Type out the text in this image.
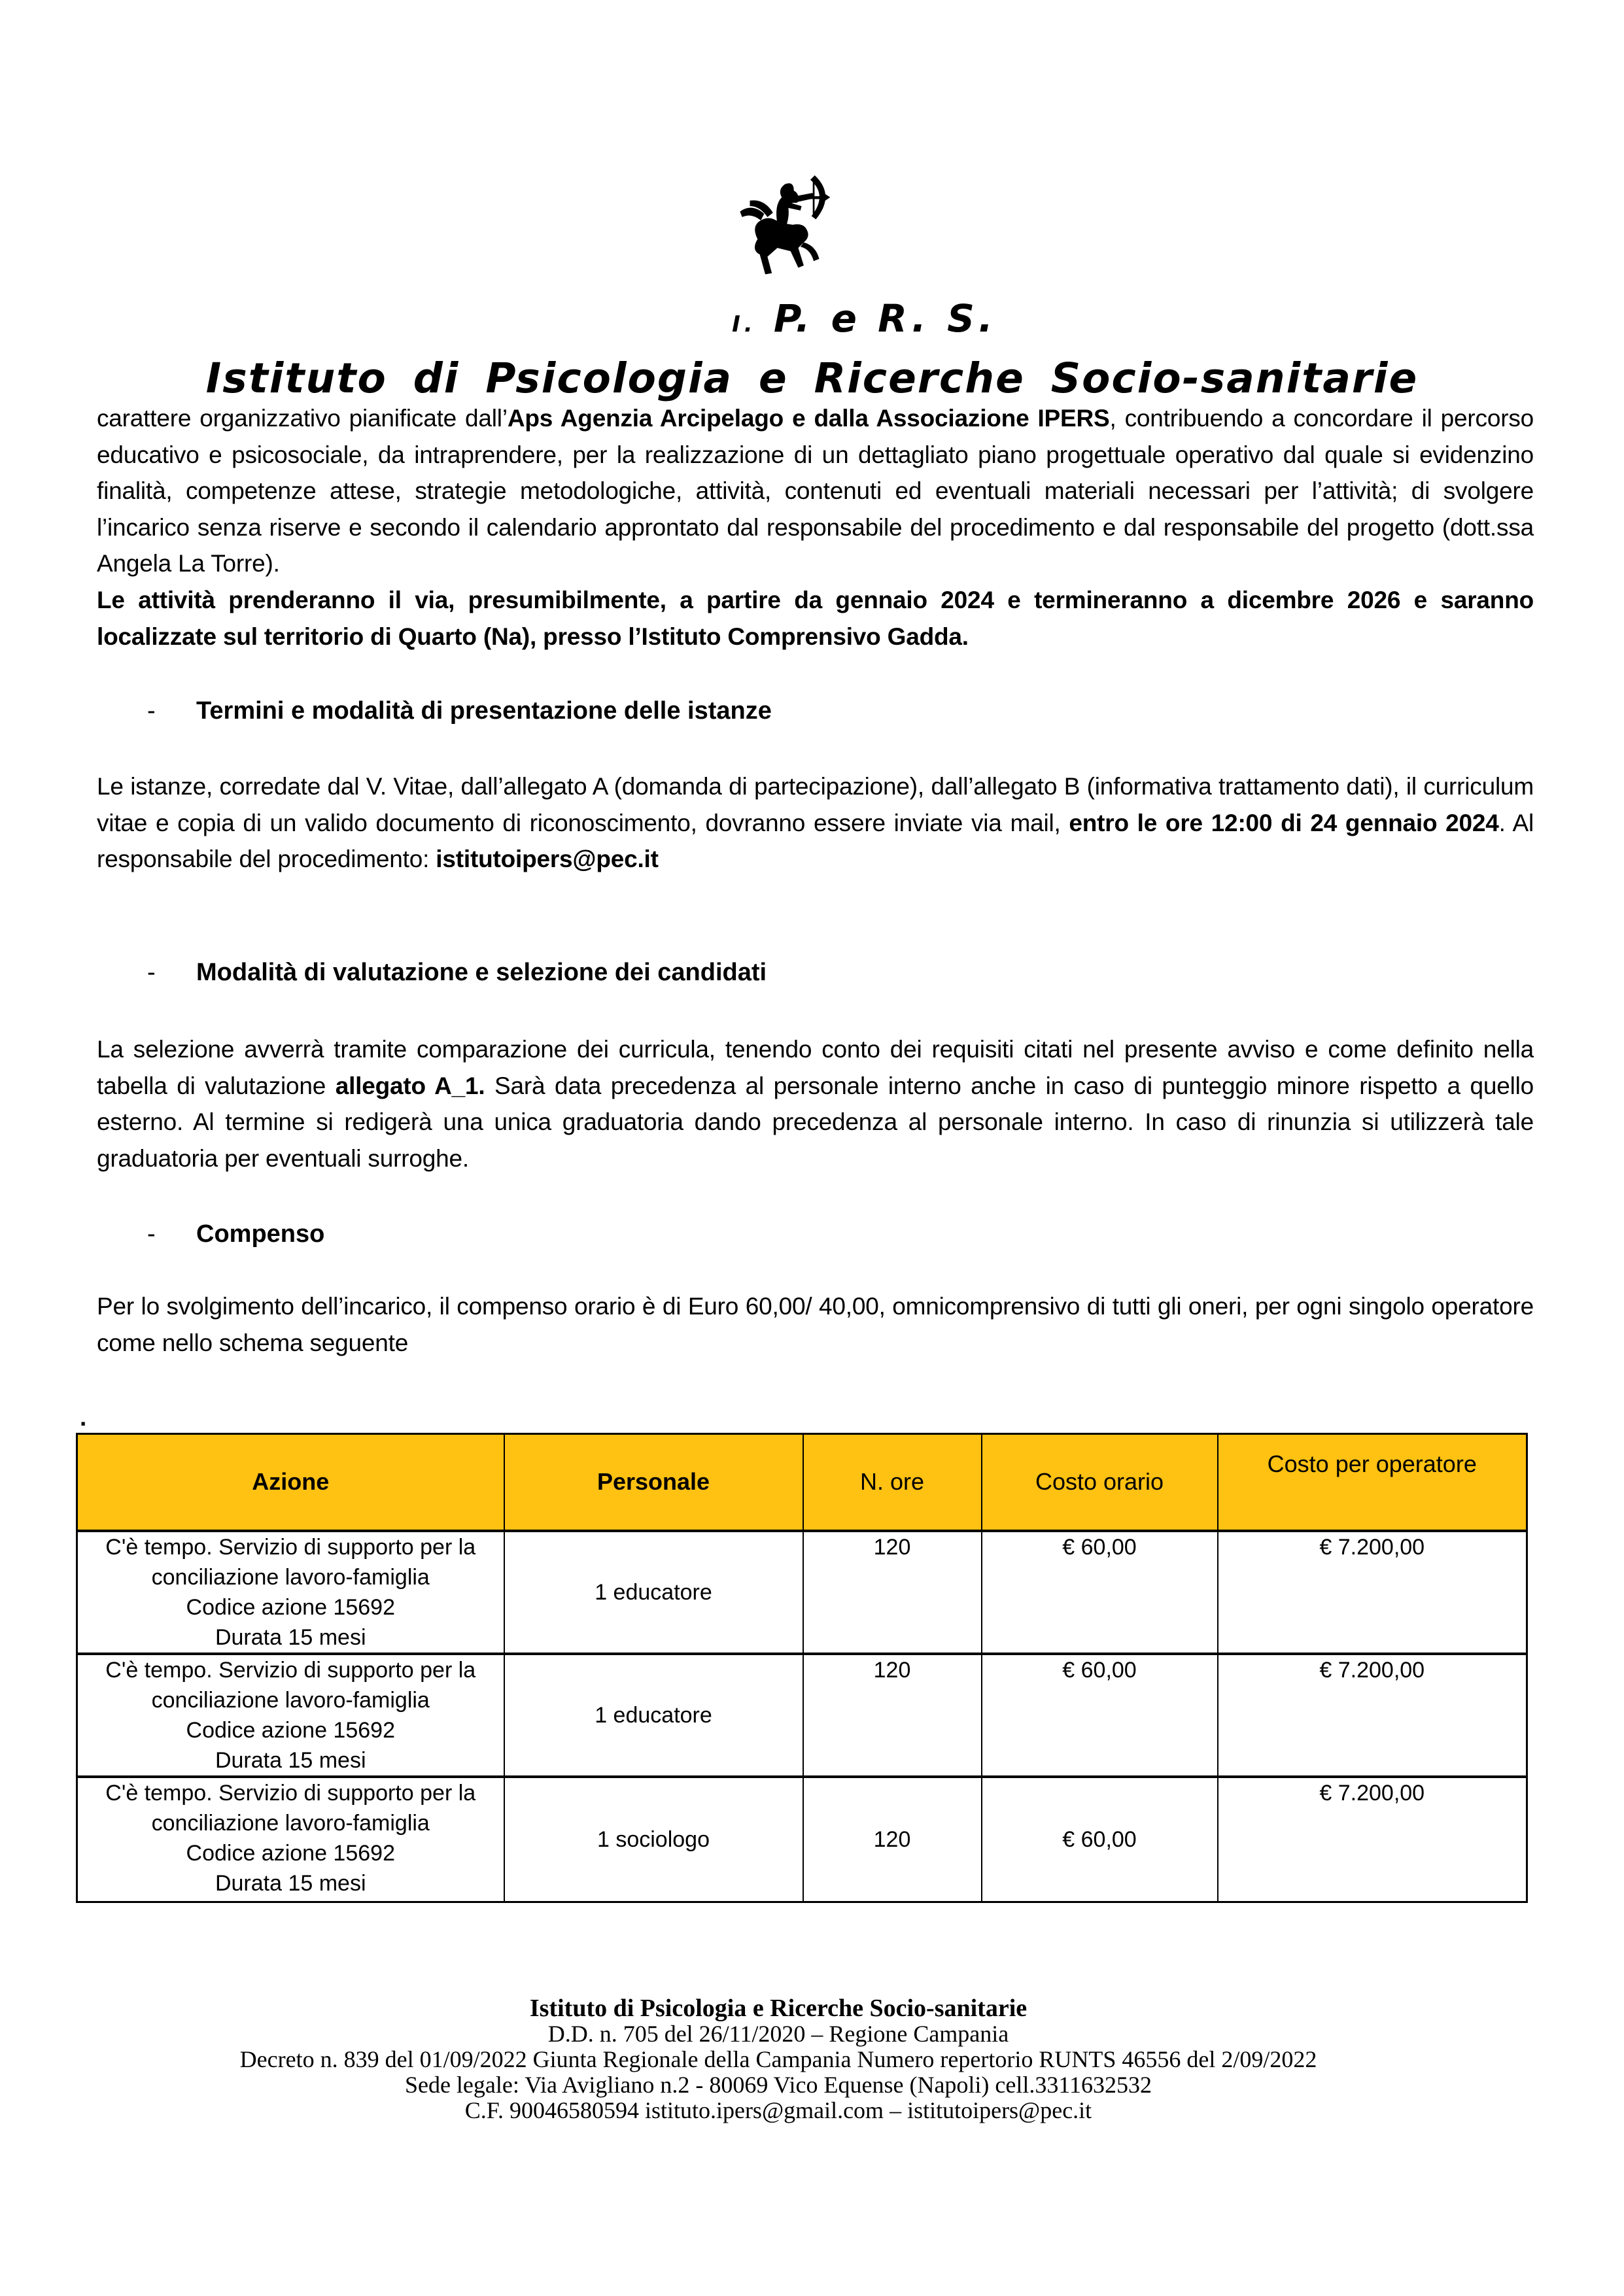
I. P. e R. S.
Istituto di Psicologia e Ricerche Socio-sanitarie

carattere organizzativo pianificate dall’Aps Agenzia Arcipelago e dalla Associazione IPERS, contribuendo a concordare il percorso educativo e psicosociale, da intraprendere, per la realizzazione di un dettagliato piano progettuale operativo dal quale si evidenzino finalità, competenze attese, strategie metodologiche, attività, contenuti ed eventuali materiali necessari per l’attività; di svolgere l’incarico senza riserve e secondo il calendario approntato dal responsabile del procedimento e dal responsabile del progetto (dott.ssa Angela La Torre).

Le attività prenderanno il via, presumibilmente, a partire da gennaio 2024 e termineranno a dicembre 2026 e saranno localizzate sul territorio di Quarto (Na), presso l’Istituto Comprensivo Gadda.

- Termini e modalità di presentazione delle istanze

Le istanze, corredate dal V. Vitae, dall’allegato A (domanda di partecipazione), dall’allegato B (informativa trattamento dati), il curriculum vitae e copia di un valido documento di riconoscimento, dovranno essere inviate via mail, entro le ore 12:00 di 24 gennaio 2024. Al responsabile del procedimento: istitutoipers@pec.it

- Modalità di valutazione e selezione dei candidati

La selezione avverrà tramite comparazione dei curricula, tenendo conto dei requisiti citati nel presente avviso e come definito nella tabella di valutazione allegato A_1. Sarà data precedenza al personale interno anche in caso di punteggio minore rispetto a quello esterno. Al termine si redigerà una unica graduatoria dando precedenza al personale interno. In caso di rinunzia si utilizzerà tale graduatoria per eventuali surroghe.

- Compenso

Per lo svolgimento dell’incarico, il compenso orario è di Euro 60,00/ 40,00, omnicomprensivo di tutti gli oneri, per ogni singolo operatore come nello schema seguente

.
Azione	Personale	N. ore	Costo orario	Costo per operatore

C'è tempo. Servizio di supporto per la
conciliazione lavoro-famiglia
Codice azione 15692
Durata 15 mesi	1 educatore	120	€ 60,00	€ 7.200,00

C'è tempo. Servizio di supporto per la
conciliazione lavoro-famiglia
Codice azione 15692
Durata 15 mesi	1 educatore	120	€ 60,00	€ 7.200,00

C'è tempo. Servizio di supporto per la
conciliazione lavoro-famiglia
Codice azione 15692
Durata 15 mesi	1 sociologo	120	€ 60,00	€ 7.200,00
Istituto di Psicologia e Ricerche Socio-sanitarie
D.D. n. 705 del 26/11/2020 – Regione Campania
Decreto n. 839 del 01/09/2022 Giunta Regionale della Campania Numero repertorio RUNTS 46556 del 2/09/2022
Sede legale: Via Avigliano n.2 - 80069 Vico Equense (Napoli) cell.3311632532
C.F. 90046580594 istituto.ipers@gmail.com – istitutoipers@pec.it
